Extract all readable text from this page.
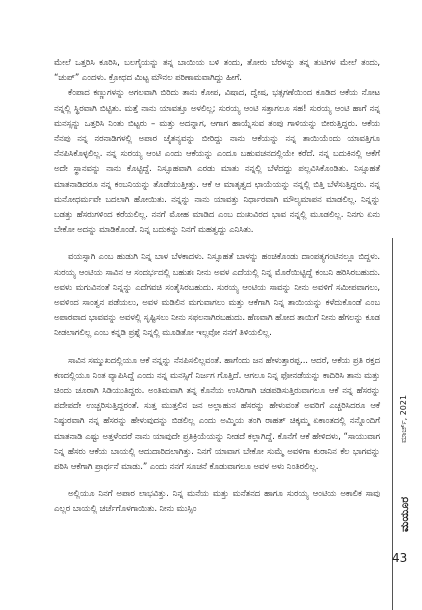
ಮೇಲೆ ಒತ್ತರಿಸಿ ಕೂರಿಸಿ, ಬಲಗೈಯನ್ನು ತನ್ನ ಬಾಯಿಯ ಬಳಿ ತಂದು, ತೋರು ಬೆರಳನ್ನು ತನ್ನ ತುಟಿಗಳ ಮೇಲೆ ತಂದು, “ಚುಪ್” ಎಂದಳು. ಕ್ರೋಧದ ಮಿಟ್ಟ ಮೌನಲ ಪರಿಣಾಮವಾಗಿದ್ದು ಹೀಗೆ.

ಕೆಂಪಾದ ಕಣ್ಣುಗಳನ್ನು ಅಗಲವಾಗಿ ಬಿರಿದು ತಾನು ಕೋಪ, ವಿಷಾದ, ದ್ವೇಷ, ಭತ್ಸಗಣೆಯಿಂದ ಕೂಡಿದ ಆಕೆಯ ನೋಟ ನನ್ನಲ್ಲಿ ಸ್ಥಿರವಾಗಿ ಬಿಟ್ಟಿತು. ಮತ್ತೆ ನಾನು ಯಾವತ್ತೂ ಅಳಲಿಲ್ಲ; ಸುರಯ್ಯ ಆಂಟಿ ಸತ್ತಾಗಲೂ ಸಹ! ಸುರಯ್ಯ ಆಂಟಿ ಹಾಗೆ ನನ್ನ ಮನಸ್ಸನ್ನು ಒತ್ತರಿಸಿ ನಿಂತು ಬಿಟ್ಟರು – ಮತ್ತು ಅದನ್ನಾಗ, ಆಗಾಗ ಹಾಯ್ನೆಸುವ ತಂಪು ಗಾಳಿಯನ್ನು ಬೀರುತ್ತಿದ್ದರು. ಆಕೆಯ ನೆನಪು ನನ್ನ ನರನಾಡಿಗಳಲ್ಲಿ ಅಪಾರ ಚೈತನ್ಯವನ್ನು ಬೀರಿದ್ದು ನಾನು ಆಕೆಯನ್ನು ನನ್ನ ತಾಯಿಯೆಂದು ಯಾವತ್ತಿಗೂ ನೆನಪಿಸಿಕೊಳ್ಳಲಿಲ್ಲ. ನನ್ನ ಸುರಯ್ಯ ಆಂಟಿ ಎಂದು ಆಕೆಯನ್ನು ಎಂದೂ ಬಹುವಚನದಲ್ಲಿಯೇ ಕರೆದೆ. ನನ್ನ ಬದುಕಿನಲ್ಲಿ ಆಕೆಗೆ ಅದೇ ಸ್ಥಾನವನ್ನು ನಾನು ಕೊಟ್ಟಿದ್ದೆ. ನಿಸ್ಸೂಹವಾಗಿ ಎರಡು ಮಾತು ನನ್ನಲ್ಲಿ ಬೆಳೆದದ್ದು ಪಲ್ಲವಿಸಿಕೊಂಡಿತು. ನಿಸ್ಸೂಹತೆ ಮಾತನಾಡಿದರೂ ನನ್ನ ಕಂಬನಿಯನ್ನು ತೊಡೆಯುತ್ತೀತ್ತು. ಆಕೆ ಆ ಮಾತೃತ್ವದ ಛಾಯೆಯನ್ನು ನನ್ನಲ್ಲಿ ಬಿತ್ತಿ ಬೆಳೆಸುತ್ತಿದ್ದರು. ನನ್ನ ಮನೋಧರ್ಮವೇ ಬದಲಾಗಿ ಹೋಯಿತು. ನನ್ನನ್ನು ನಾನು ಯಾವತ್ತು ನಿರ್ಧಾರವಾಗಿ ಮೌಲ್ಯಮಾಪನ ಮಾಡಲಿಲ್ಲ. ನಿನ್ನನ್ನು ಬಡತ್ತು ಹೆಸರುಗಳಿಂದ ಕರೆಯಲಿಲ್ಲ. ನನಗೆ ಮೋಹ ಮಾಡಿದ ಎಂಬ ದುಃಖವಿರದ ಭಾವ ನನ್ನಲ್ಲಿ ಮೂಡಲಿಲ್ಲ. ನಿನಗು ಏನು ಬೇಕೋ ಅದನ್ನು ಮಾಡಿಕೊಂಡೆ. ನಿನ್ನ ಬದುಕನ್ನು ನಿನಗೆ ಮಹತ್ವದ್ದು ಎನಿಸಿತು.

ವಯಸ್ಸಾಗಿ ಎಂಬ ಹುಡುಗಿ ನಿನ್ನ ಬಾಳ ಬೆಳಕಾದಳು. ನಿಸ್ಸೂಹತೆ ಬಾಳನ್ನು ಹಂಚಿಕೊಂಡು ದಾಂಪತ್ಯಗಂಟಿನಲ್ಲೂ ಬಿದ್ದಳು. ಸುರಯ್ಯ ಆಂಟಿಯ ಸಾವಿನ ಆ ಸಂದರ್ಭದಲ್ಲಿ ಬಹುಶಃ ನೀನು ಅವಳ ಎದೆಯಲ್ಲಿ ನಿನ್ನ ಮೊರೆಯಿಟ್ಟಿದ್ದೆ ಕಂಬನಿ ಹರಿಸಿರಬಹುದು. ಅವಳು ಮಗುವಿನಂತೆ ನಿನ್ನನ್ನು ಎದೆಗವಚಿ ಸಂತೈಸಿರಬಹುದು. ಸುರಯ್ಯ ಆಂಟಿಯ ಸಾವನ್ನು ನೀನು ಅವಳಿಗೆ ಸಮೀಪವಾಗಲು, ಅವಳಿಂದ ಸಾಂತ್ವನ ಪಡೆಯಲು, ಅವಳ ಮಡಿಲಿನ ಮಗುವಾಗಲು ಮತ್ತು ಆಕೆಗಾಗಿ ನಿನ್ನ ತಾಯಿಯನ್ನು ಕಳೆದುಕೊಂಡೆ ಎಂಬ ಅಪಾರವಾದ ಭಾವವನ್ನು ಅವಳಲ್ಲಿ ಸೃಷ್ಟಿಸಲು ನೀನು ಸಫಲನಾಗಿರಬಹುದು. ಹೆಣವಾಗಿ ಹೋದ ತಾಯಿಗೆ ನೀನು ಹೆಗಲನ್ನು ಕೂಡ ನೀಡಲಾಗಲಿಲ್ಲ ಎಂಬ ಕನ್ನಡಿ ಪ್ರಶ್ನೆ ನಿನ್ನಲ್ಲಿ ಮೂಡಿತೋ ಇಲ್ಲವೋ ನನಗೆ ತಿಳಿಯಲಿಲ್ಲ.

ಸಾವಿನ ಸಮ್ಮುಖದಲ್ಲಿಯೂ ಆಕೆ ನನ್ನನ್ನು ನೆನಪಿಸಲಿಲ್ಲವಂತೆ. ಹಾಗೆಂದು ಜನ ಹೇಳುತ್ತಾರಪ್ಪ... ಆದರೆ, ಆಕೆಯ ಪ್ರತಿ ರಕ್ತದ ಕಣದಲ್ಲಿಯೂ ನಿಂತ ವ್ಯಾಪಿಸಿದ್ದೆ ಎಂದು ನನ್ನ ಮನಸ್ಸಿಗೆ ನಿರ್ಜಗ ಗೊತ್ತಿದೆ. ಆಗಲೂ ನಿನ್ನ ಫೋನಡೆಯನ್ನು ಕಾದಿರಿಸಿ ತಾನು ಮತ್ತು ಚಿಂದು ಚೂರಾಗಿ ಸಿಡಿಯುತಿದ್ದರು. ಅಂತಿಮವಾಗಿ ತನ್ನ ಕೊನೆಯ ಉಸಿರಿಗಾಗಿ ಚಡಪಡಿಸುತ್ತಿರುವಾಗಲೂ ಆಕೆ ನನ್ನ ಹೆಸರನ್ನು ಪದೇಪದೇ ಉಚ್ಚರಿಸುತ್ತಿದ್ದರಂತೆ. ಸುತ್ತ ಮುತ್ತಲಿನ ಜನ ಅಲ್ಲಾಹುನ ಹೆಸರನ್ನು ಹೇಳುವಂತೆ ಅವರಿಗೆ ಎಚ್ಚರಿಸಿದರೂ ಆಕೆ ನಿಷ್ಠುರವಾಗಿ ನನ್ನ ಹೆಸರನ್ನು ಹೇಳುವುದನ್ನು ಬಿಡಲಿಲ್ಲ ಎಂದು ಅಮ್ಮಿಯ ತಂಗಿ ರಾಹತ್ ಚಿಕ್ಕಮ್ಮ ಏಕಾಂತದಲ್ಲಿ ನನ್ನೊಂದಿಗೆ ಮಾತನಾಡಿ ಎಷ್ಟು ಅತ್ತಳೆಂದರೆ ನಾನು ಯಾವುದೇ ಪ್ರತಿಕ್ರಿಯೆಯನ್ನು ನೀಡದೆ ಕಲ್ಲಾಗಿದ್ದೆ. ಕೊನೆಗೆ ಆಕೆ ಹೇಳಿದಳು, “ಸಾಯುವಾಗ ನಿನ್ನ ಹೆಸರು ಆಕೆಯ ಬಾಯಲ್ಲಿ ಆದುದಾರಿದಲಾಗಿತ್ತು. ನಿನಗೆ ಯಾವಾಗ ಬೇಕೋ ಸುಮ್ಮೆ ಅವಳಿಗಾ ಕುರಾನಿನ ಕೆಲ ಭಾಗವನ್ನು ಪಠಿಸಿ ಆಕೆಗಾಗಿ ಪ್ರಾರ್ಥನೆ ಮಾಡು.” ಎಂದು ನನಗೆ ಸೂಚನೆ ಕೊಡುವಾಗಲೂ ಅವಳ ಅಳು ನಿಂತಿರಲಿಲ್ಲ.

ಅಲ್ಲಿಯೂ ನಿನಗೆ ಅಪಾರ ಲಾಭವಿತ್ತು. ನಿನ್ನ ಮನೆಯ ಮತ್ತು ಮನೆತನದ ಹಾಗೂ ಸುರಯ್ಯ ಆಂಟಿಯ ಅಕಾಲಿಕ ಸಾವು ಎಲ್ಲರ ಬಾಯಲ್ಲಿ ಚರ್ಚೆಗೊಳಗಾಯಿತು. ನೀನು ಮುಸ್ಸಿಂ	ಮಯೂರ
ಮಾರ್ಚ್, 2021
43
